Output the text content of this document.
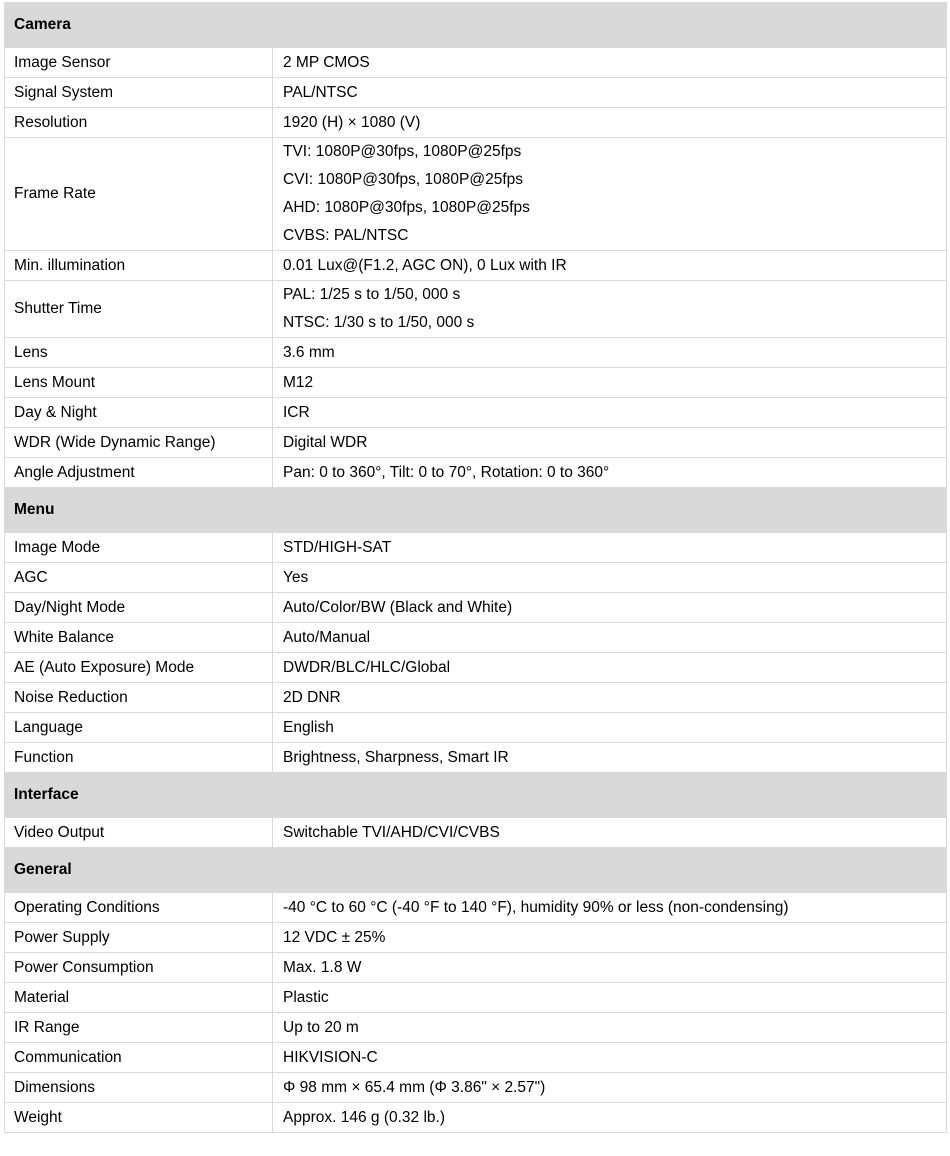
Camera	
Image Sensor	2 MP CMOS

Signal System	PAL/NTSC

Resolution	1920 (H) × 1080 (V)

Frame Rate	TVI: 1080P@30fps, 1080P@25fps
CVI: 1080P@30fps, 1080P@25fps
AHD: 1080P@30fps, 1080P@25fps
CVBS: PAL/NTSC

Min. illumination	0.01 Lux@(F1.2, AGC ON), 0 Lux with IR

Shutter Time	PAL: 1/25 s to 1/50, 000 s
NTSC: 1/30 s to 1/50, 000 s

Lens	3.6 mm

Lens Mount	M12

Day & Night	ICR

WDR (Wide Dynamic Range)	Digital WDR

Angle Adjustment	Pan: 0 to 360°, Tilt: 0 to 70°, Rotation: 0 to 360°

Menu	
Image Mode	STD/HIGH-SAT

AGC	Yes

Day/Night Mode	Auto/Color/BW (Black and White)

White Balance	Auto/Manual

AE (Auto Exposure) Mode	DWDR/BLC/HLC/Global

Noise Reduction	2D DNR

Language	English

Function	Brightness, Sharpness, Smart IR

Interface	
Video Output	Switchable TVI/AHD/CVI/CVBS

General	
Operating Conditions	-40 °C to 60 °C (-40 °F to 140 °F), humidity 90% or less (non-condensing)

Power Supply	12 VDC ± 25%

Power Consumption	Max. 1.8 W

Material	Plastic

IR Range	Up to 20 m

Communication	HIKVISION-C

Dimensions	Φ 98 mm × 65.4 mm (Φ 3.86" × 2.57")

Weight	Approx. 146 g (0.32 lb.)
